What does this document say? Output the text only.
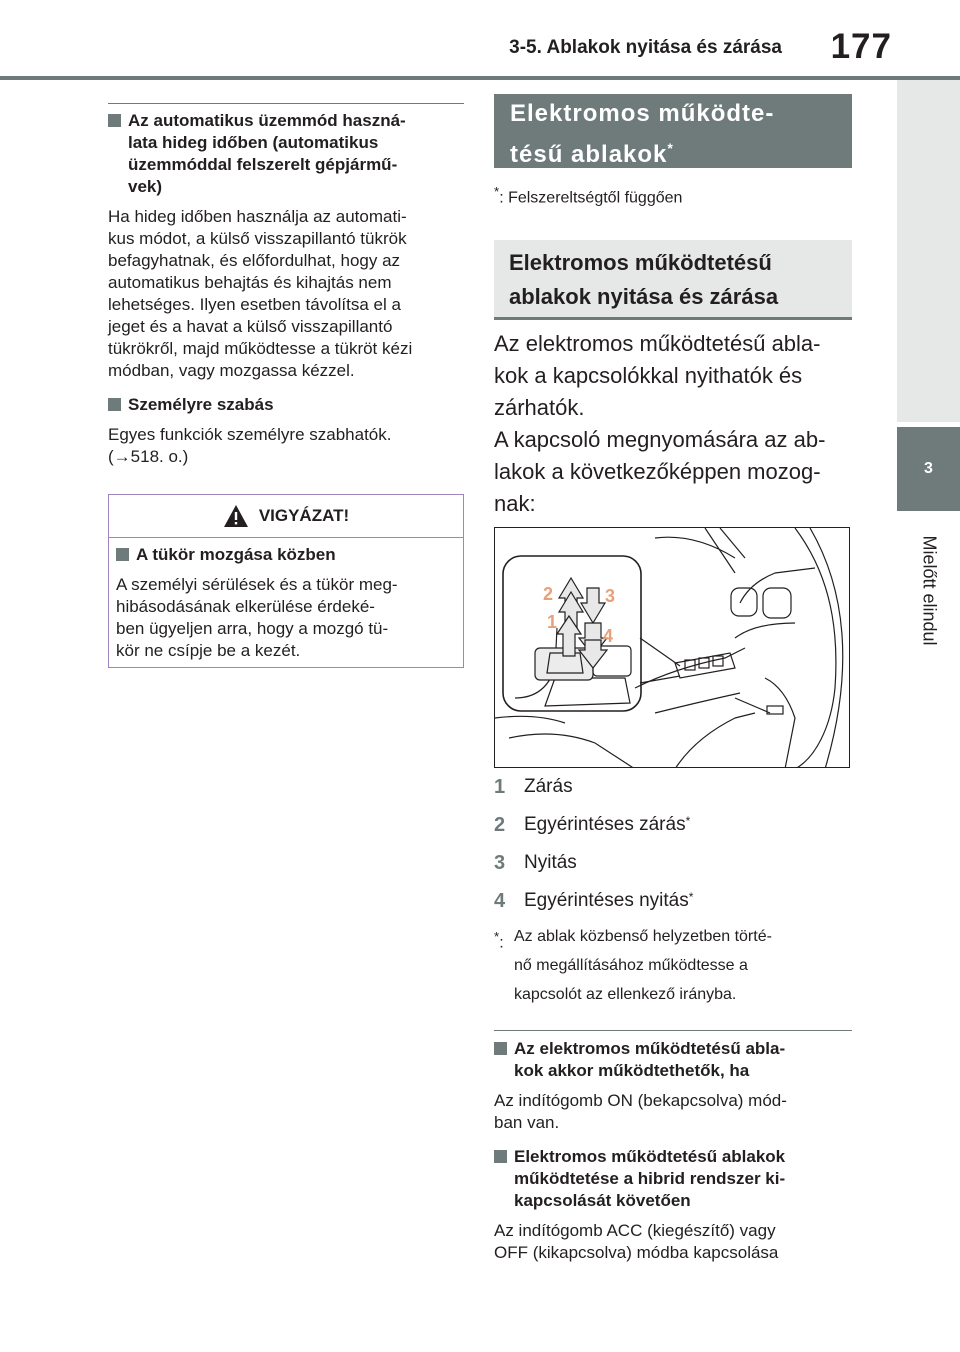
3-5. Ablakok nyitása és zárása 177
3
Mielőtt elindul
Az automatikus üzemmód haszná-
lata hideg időben (automatikus
üzemmóddal felszerelt gépjármű-
vek)
Ha hideg időben használja az automati-
kus módot, a külső visszapillantó tükrök
befagyhatnak, és előfordulhat, hogy az
automatikus behajtás és kihajtás nem
lehetséges. Ilyen esetben távolítsa el a
jeget és a havat a külső visszapillantó
tükrökről, majd működtesse a tükröt kézi
módban, vagy mozgassa kézzel.
Személyre szabás
Egyes funkciók személyre szabhatók.
(→518. o.)
VIGYÁZAT!
A tükör mozgása közben
A személyi sérülések és a tükör meg-
hibásodásának elkerülése érdeké-
ben ügyeljen arra, hogy a mozgó tü-
kör ne csípje be a kezét.
Elektromos működte-
tésű ablakok*
*: Felszereltségtől függően
Elektromos működtetésű
ablakok nyitása és zárása
Az elektromos működtetésű abla-
kok a kapcsolókkal nyithatók és
zárhatók.
A kapcsoló megnyomására az ab-
lakok a következőképpen mozog-
nak:
2	3
1
4
1 Zárás
2 Egyérintéses zárás*
3 Nyitás
4 Egyérintéses nyitás*
*: Az ablak közbenső helyzetben törté-
nő megállításához működtesse a
kapcsolót az ellenkező irányba.
Az elektromos működtetésű abla-
kok akkor működtethetők, ha
Az indítógomb ON (bekapcsolva) mód-
ban van.
Elektromos működtetésű ablakok
működtetése a hibrid rendszer ki-
kapcsolását követően
Az indítógomb ACC (kiegészítő) vagy
OFF (kikapcsolva) módba kapcsolása
